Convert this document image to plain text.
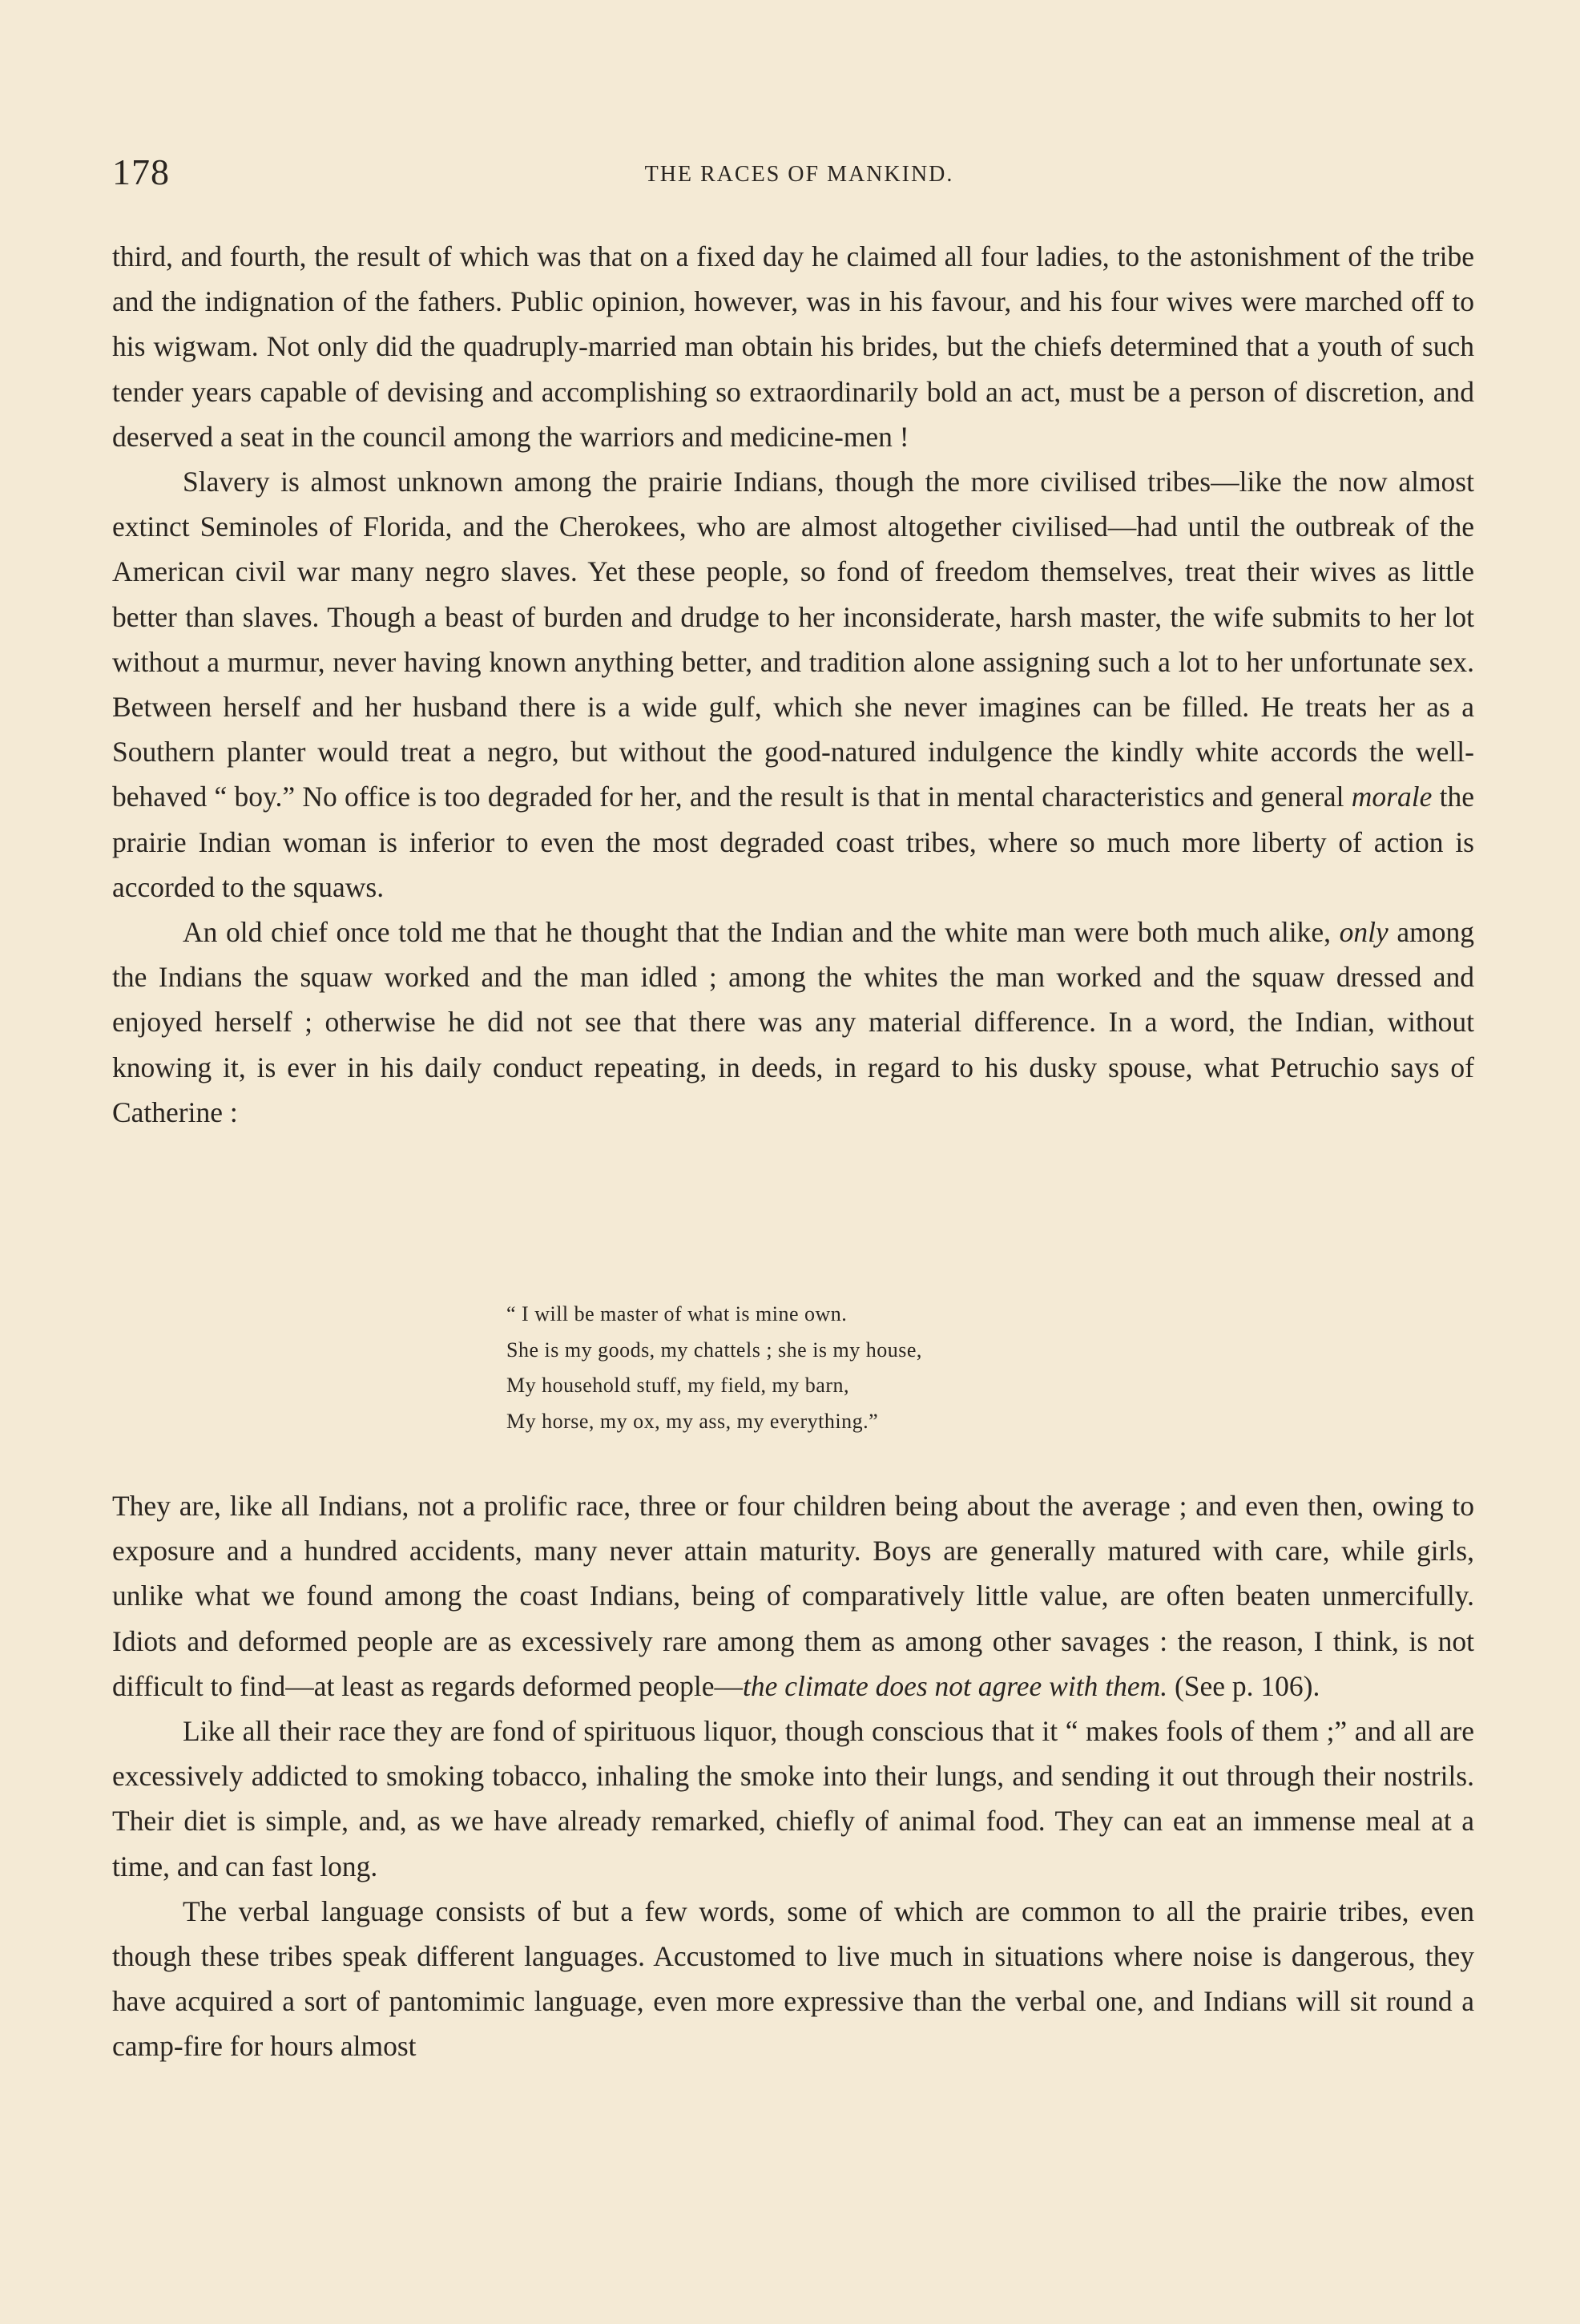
178	THE RACES OF MANKIND.

third, and fourth, the result of which was that on a fixed day he claimed all four ladies, to the astonishment of the tribe and the indignation of the fathers. Public opinion, however, was in his favour, and his four wives were marched off to his wigwam. Not only did the quadruply-married man obtain his brides, but the chiefs determined that a youth of such tender years capable of devising and accomplishing so extraordinarily bold an act, must be a person of discretion, and deserved a seat in the council among the warriors and medicine-men !

Slavery is almost unknown among the prairie Indians, though the more civilised tribes—like the now almost extinct Seminoles of Florida, and the Cherokees, who are almost altogether civilised—had until the outbreak of the American civil war many negro slaves. Yet these people, so fond of freedom themselves, treat their wives as little better than slaves. Though a beast of burden and drudge to her inconsiderate, harsh master, the wife submits to her lot without a murmur, never having known anything better, and tradition alone assigning such a lot to her unfortunate sex. Between herself and her husband there is a wide gulf, which she never imagines can be filled. He treats her as a Southern planter would treat a negro, but without the good-natured indulgence the kindly white accords the well-behaved “ boy.” No office is too degraded for her, and the result is that in mental characteristics and general morale the prairie Indian woman is inferior to even the most degraded coast tribes, where so much more liberty of action is accorded to the squaws.

An old chief once told me that he thought that the Indian and the white man were both much alike, only among the Indians the squaw worked and the man idled ; among the whites the man worked and the squaw dressed and enjoyed herself ; otherwise he did not see that there was any material difference. In a word, the Indian, without knowing it, is ever in his daily conduct repeating, in deeds, in regard to his dusky spouse, what Petruchio says of Catherine :

“ I will be master of what is mine own.
She is my goods, my chattels ; she is my house,
My household stuff, my field, my barn,
My horse, my ox, my ass, my everything.”

They are, like all Indians, not a prolific race, three or four children being about the average ; and even then, owing to exposure and a hundred accidents, many never attain maturity. Boys are generally matured with care, while girls, unlike what we found among the coast Indians, being of comparatively little value, are often beaten unmercifully. Idiots and deformed people are as excessively rare among them as among other savages : the reason, I think, is not difficult to find—at least as regards deformed people—the climate does not agree with them. (See p. 106).

Like all their race they are fond of spirituous liquor, though conscious that it “ makes fools of them ;” and all are excessively addicted to smoking tobacco, inhaling the smoke into their lungs, and sending it out through their nostrils. Their diet is simple, and, as we have already remarked, chiefly of animal food. They can eat an immense meal at a time, and can fast long.

The verbal language consists of but a few words, some of which are common to all the prairie tribes, even though these tribes speak different languages. Accustomed to live much in situations where noise is dangerous, they have acquired a sort of pantomimic language, even more expressive than the verbal one, and Indians will sit round a camp-fire for hours almost
